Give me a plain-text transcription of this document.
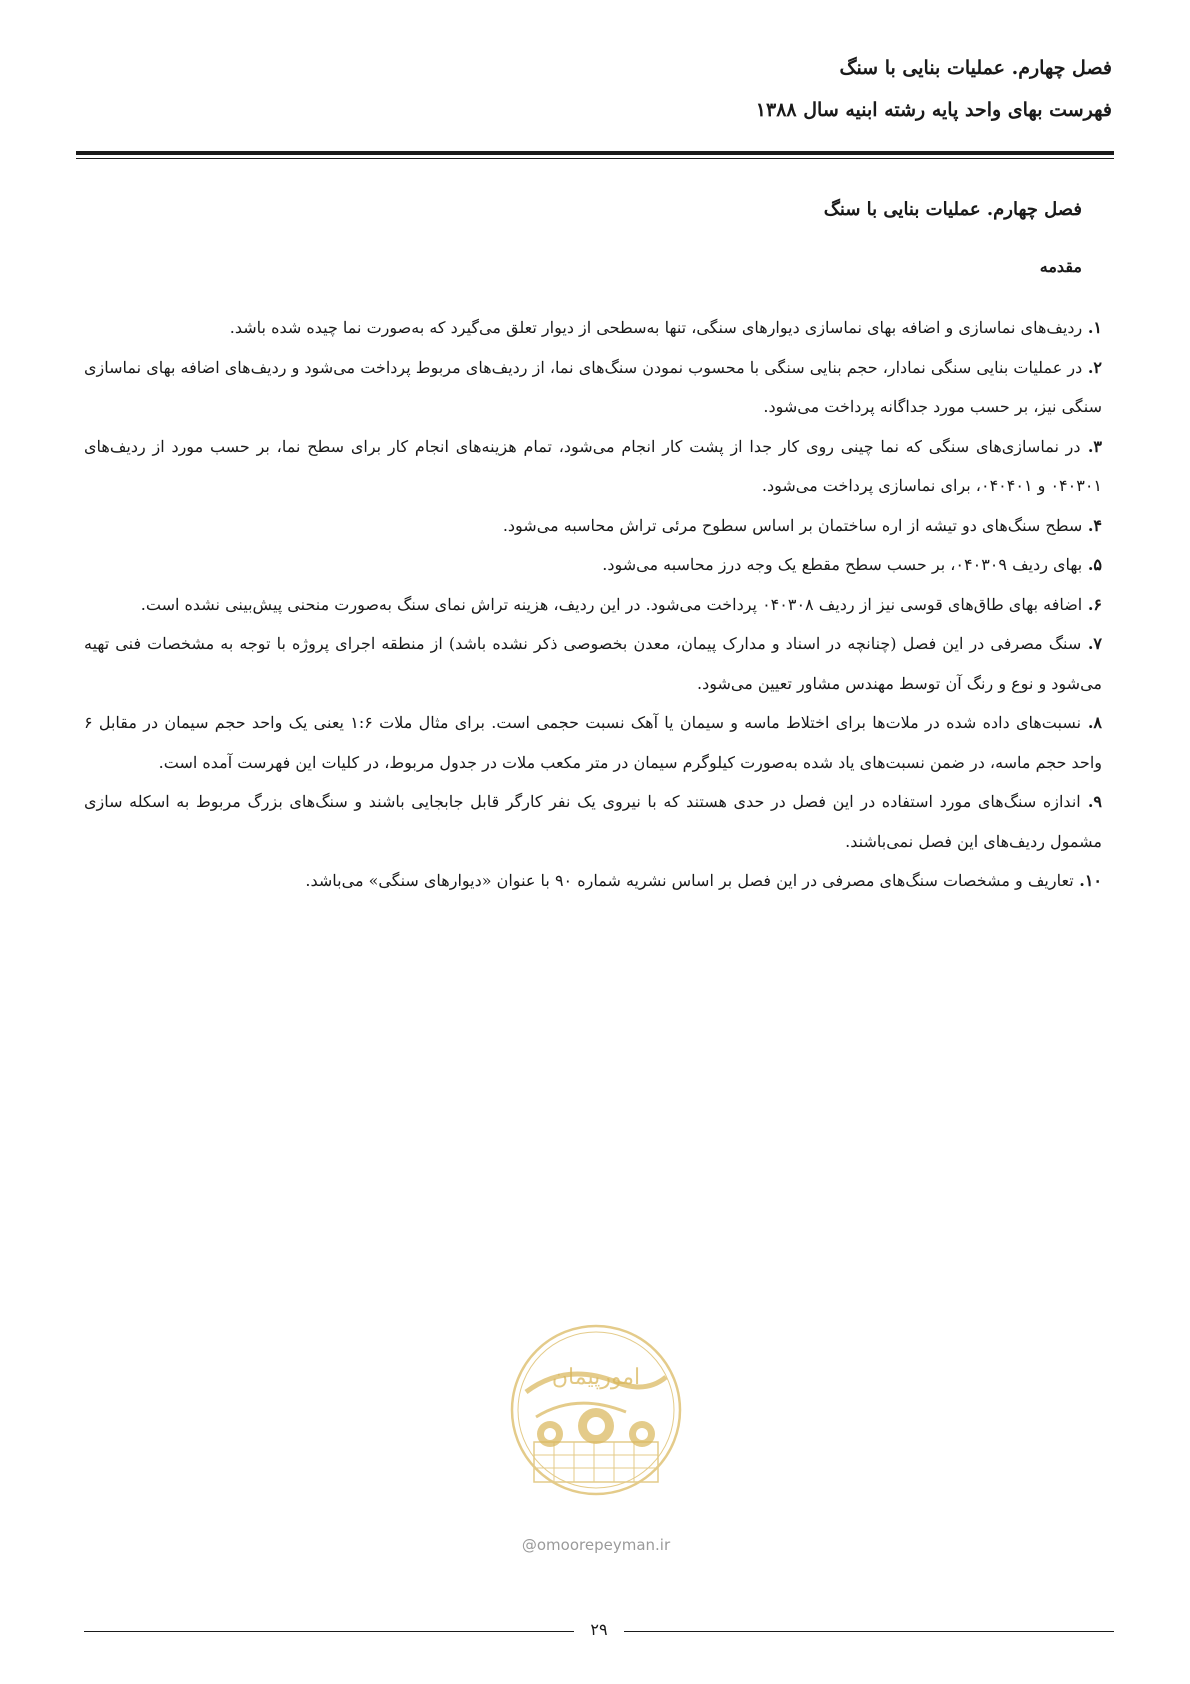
فصل چهارم. عملیات بنایی با سنگ

فهرست بهای واحد پایه رشته ابنیه سال ۱۳۸۸

فصل چهارم. عملیات بنایی با سنگ

مقدمه

۱.ردیف‌های نماسازی و اضافه بهای نماسازی دیوارهای سنگی، تنها به‌سطحی از دیوار تعلق می‌گیرد که به‌صورت نما چیده شده باشد.
۲.در عملیات بنایی سنگی نمادار، حجم بنایی سنگی با محسوب نمودن سنگ‌های نما، از ردیف‌های مربوط پرداخت می‌شود و ردیف‌های اضافه بهای نماسازی سنگی نیز، بر حسب مورد جداگانه پرداخت می‌شود.
۳.در نماسازی‌های سنگی که نما چینی روی کار جدا از پشت کار انجام می‌شود، تمام هزینه‌های انجام کار برای سطح نما، بر حسب مورد از ردیف‌های ۰۴۰۳۰۱ و ۰۴۰۴۰۱، برای نماسازی پرداخت می‌شود.
۴.سطح سنگ‌های دو تیشه از اره ساختمان بر اساس سطوح مرئی تراش محاسبه می‌شود.
۵.بهای ردیف ۰۴۰۳۰۹، بر حسب سطح مقطع یک وجه درز محاسبه می‌شود.
۶.اضافه بهای طاق‌های قوسی نیز از ردیف ۰۴۰۳۰۸ پرداخت می‌شود. در این ردیف، هزینه تراش نمای سنگ به‌صورت منحنی پیش‌بینی نشده است.
۷.سنگ مصرفی در این فصل (چنانچه در اسناد و مدارک پیمان، معدن بخصوصی ذکر نشده باشد) از منطقه اجرای پروژه با توجه به مشخصات فنی تهیه می‌شود و نوع و رنگ آن توسط مهندس مشاور تعیین می‌شود.
۸.نسبت‌های داده شده در ملات‌ها برای اختلاط ماسه و سیمان یا آهک نسبت حجمی است. برای مثال ملات ۱:۶ یعنی یک واحد حجم سیمان در مقابل ۶ واحد حجم ماسه، در ضمن نسبت‌های یاد شده به‌صورت کیلوگرم سیمان در متر مکعب ملات در جدول مربوط، در کلیات این فهرست آمده است.
۹.اندازه سنگ‌های مورد استفاده در این فصل در حدی هستند که با نیروی یک نفر کارگر قابل جابجایی باشند و سنگ‌های بزرگ مربوط به اسکله سازی مشمول ردیف‌های این فصل نمی‌باشند.
۱۰.تعاریف و مشخصات سنگ‌های مصرفی در این فصل بر اساس نشریه شماره ۹۰ با عنوان «دیوارهای سنگی» می‌باشد.
امورپیمان
@omoorepeyman.ir
۲۹
